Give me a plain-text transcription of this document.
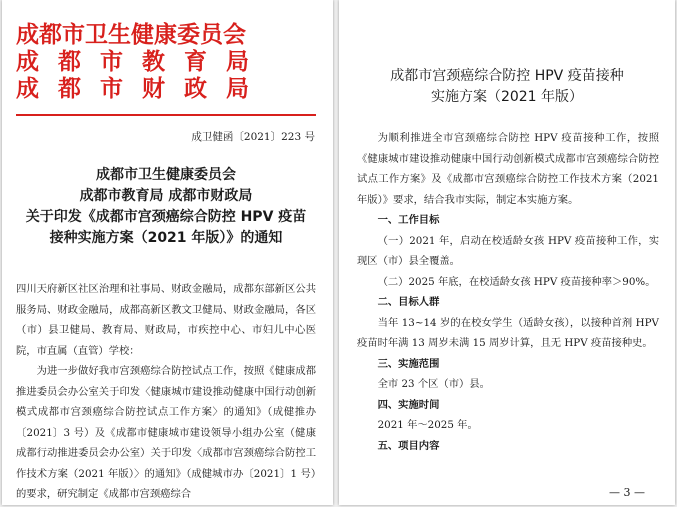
成都市卫生健康委员会
成都市教育局
成都市财政局
成卫健函〔2021〕223 号
成都市卫生健康委员会
成都市教育局 成都市财政局
关于印发《成都市宫颈癌综合防控 HPV 疫苗
接种实施方案（2021 年版）》的通知

四川天府新区社区治理和社事局、财政金融局，成都东部新区公共服务局、财政金融局，成都高新区教文卫健局、财政金融局，各区（市）县卫健局、教育局、财政局，市疾控中心、市妇儿中心医院，市直属（直管）学校：

为进一步做好我市宫颈癌综合防控试点工作，按照《健康成都推进委员会办公室关于印发〈健康城市建设推动健康中国行动创新模式成都市宫颈癌综合防控试点工作方案〉的通知》（成健推办〔2021〕3 号）及《成都市健康城市建设领导小组办公室（健康成都行动推进委员会办公室）关于印发〈成都市宫颈癌综合防控工作技术方案（2021 年版）〉的通知》（成健城市办〔2021〕1 号）的要求，研究制定《成都市宫颈癌综合

成都市宫颈癌综合防控 HPV 疫苗接种
实施方案（2021 年版）

为顺利推进全市宫颈癌综合防控 HPV 疫苗接种工作，按照《健康城市建设推动健康中国行动创新模式成都市宫颈癌综合防控试点工作方案》及《成都市宫颈癌综合防控工作技术方案（2021 年版）》要求，结合我市实际，制定本实施方案。

一、工作目标

（一）2021 年，启动在校适龄女孩 HPV 疫苗接种工作，实现区（市）县全覆盖。

（二）2025 年底，在校适龄女孩 HPV 疫苗接种率＞90%。

二、目标人群

当年 13~14 岁的在校女学生（适龄女孩），以接种首剂 HPV 疫苗时年满 13 周岁未满 15 周岁计算，且无 HPV 疫苗接种史。

三、实施范围

全市 23 个区（市）县。

四、实施时间

2021 年～2025 年。

五、项目内容

— 3 —
